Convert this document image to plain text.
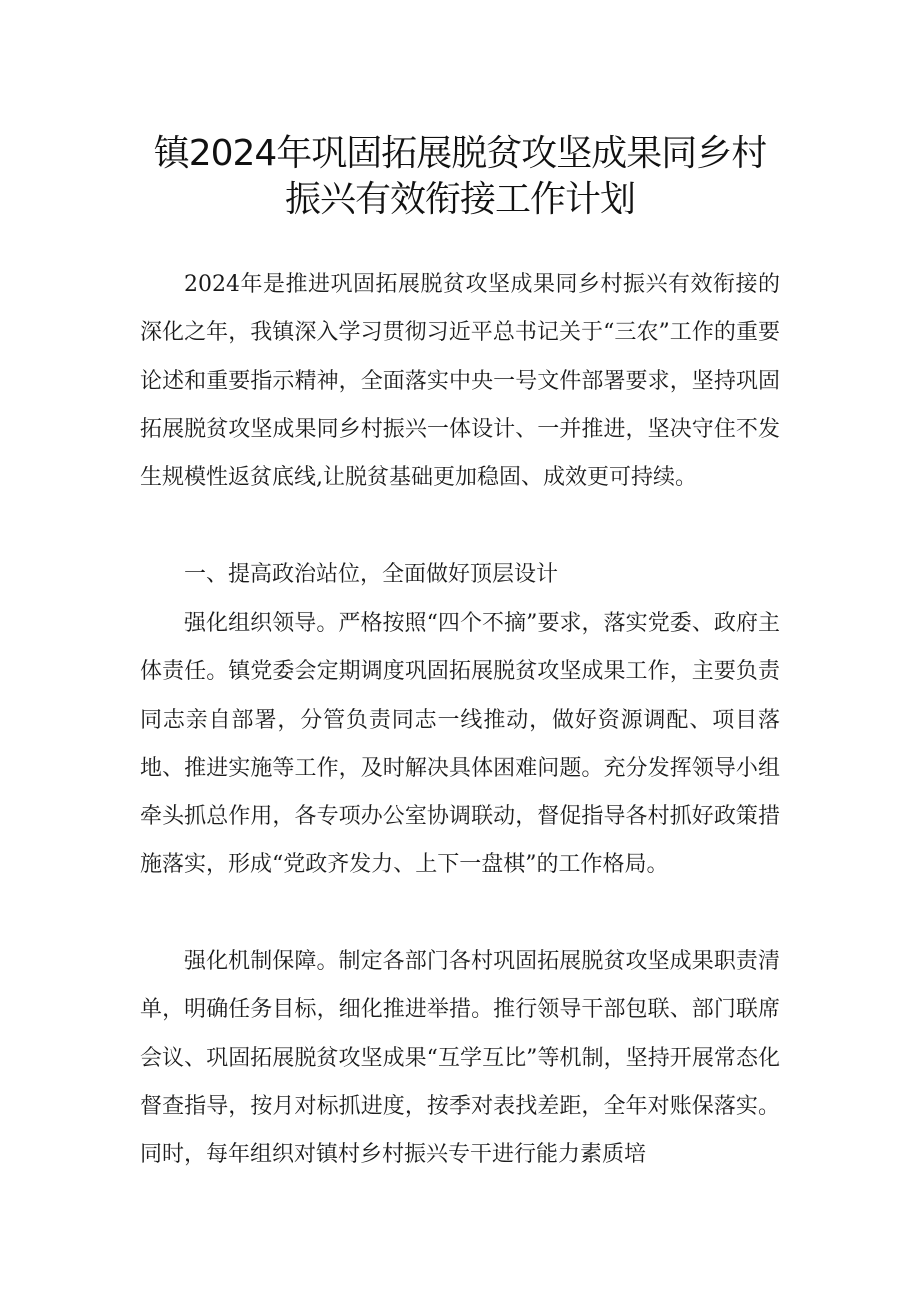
镇2024年巩固拓展脱贫攻坚成果同乡村
振兴有效衔接工作计划

2024年是推进巩固拓展脱贫攻坚成果同乡村振兴有效衔接的深化之年，我镇深入学习贯彻习近平总书记关于“三农”工作的重要论述和重要指示精神，全面落实中央一号文件部署要求，坚持巩固拓展脱贫攻坚成果同乡村振兴一体设计、一并推进，坚决守住不发生规模性返贫底线,让脱贫基础更加稳固、成效更可持续。

一、提高政治站位，全面做好顶层设计

强化组织领导。严格按照“四个不摘”要求，落实党委、政府主体责任。镇党委会定期调度巩固拓展脱贫攻坚成果工作，主要负责同志亲自部署，分管负责同志一线推动，做好资源调配、项目落地、推进实施等工作，及时解决具体困难问题。充分发挥领导小组牵头抓总作用，各专项办公室协调联动，督促指导各村抓好政策措施落实，形成“党政齐发力、上下一盘棋”的工作格局。

强化机制保障。制定各部门各村巩固拓展脱贫攻坚成果职责清单，明确任务目标，细化推进举措。推行领导干部包联、部门联席会议、巩固拓展脱贫攻坚成果“互学互比”等机制，坚持开展常态化督查指导，按月对标抓进度，按季对表找差距，全年对账保落实。同时，每年组织对镇村乡村振兴专干进行能力素质培
